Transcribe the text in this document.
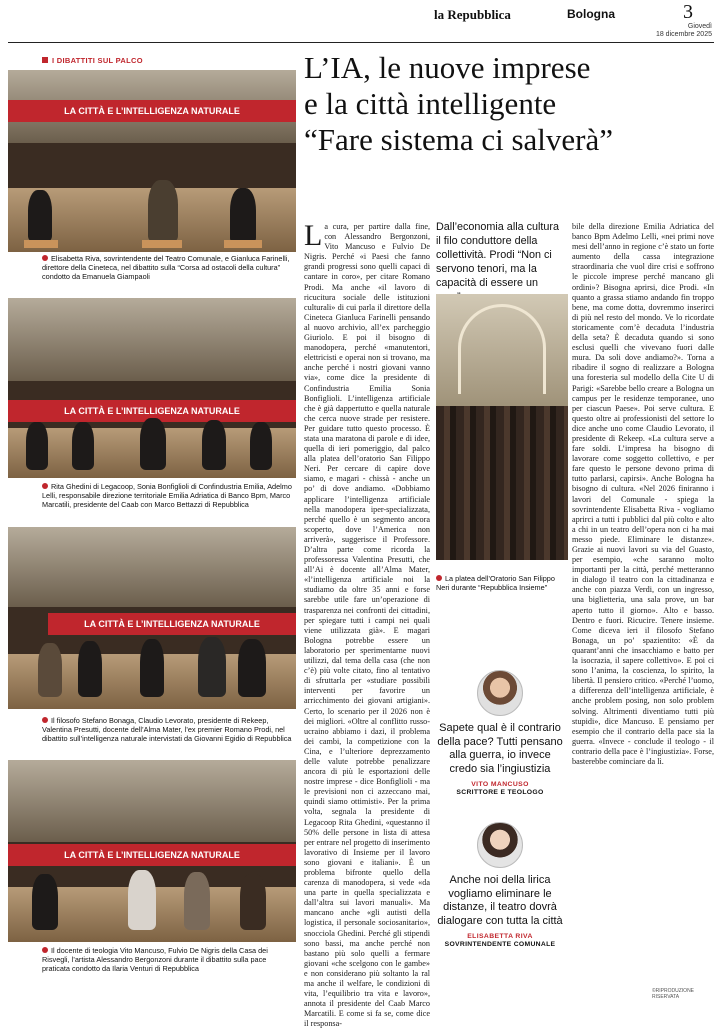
la Repubblica	Bologna	3
Giovedì
18 dicembre 2025
I DIBATTITI SUL PALCO
LA CITTÀ E L’INTELLIGENZA NATURALE
Elisabetta Riva, sovrintendente del Teatro Comunale, e Gianluca Farinelli, direttore della Cineteca, nel dibattito sulla “Corsa ad ostacoli della cultura” condotto da Emanuela Giampaoli
LA CITTÀ E L’INTELLIGENZA NATURALE
Rita Ghedini di Legacoop, Sonia Bonfiglioli di Confindustria Emilia, Adelmo Lelli, responsabile direzione territoriale Emilia Adriatica di Banco Bpm, Marco Marcatili, presidente del Caab con Marco Bettazzi di Repubblica
LA CITTÀ E L’INTELLIGENZA NATURALE
Il filosofo Stefano Bonaga, Claudio Levorato, presidente di Rekeep, Valentina Presutti, docente dell’Alma Mater, l’ex premier Romano Prodi, nel dibattito sull’intelligenza naturale intervistati da Giovanni Egidio di Repubblica
LA CITTÀ E L’INTELLIGENZA NATURALE
Il docente di teologia Vito Mancuso, Fulvio De Nigris della Casa dei Risvegli, l’artista Alessandro Bergonzoni durante il dibattito sulla pace praticata condotto da Ilaria Venturi di Repubblica
L’IA, le nuove imprese
e la città intelligente
“Fare sistema ci salverà”
La cura, per partire dalla fine, con Alessandro Bergonzoni, Vito Mancuso e Fulvio De Nigris. Perché «i Paesi che fanno grandi progressi sono quelli capaci di cantare in coro», per citare Romano Prodi. Ma anche «il lavoro di ricucitura sociale delle istituzioni culturali» di cui parla il direttore della Cineteca Gianluca Farinelli pensando al nuovo archivio, all’ex parcheggio Giuriolo. E poi il bisogno di manodopera, perché «manutentori, elettricisti e operai non si trovano, ma anche perché i nostri giovani vanno via», come dice la presidente di Confindustria Emilia Sonia Bonfiglioli. L’intelligenza artificiale che è già dappertutto e quella naturale che cerca nuove strade per resistere. Per guidare tutto questo processo. È stata una maratona di parole e di idee, quella di ieri pomeriggio, dal palco alla platea dell’oratorio San Filippo Neri. Per cercare di capire dove siamo, e magari - chissà - anche un po’ di dove andiamo. «Dobbiamo applicare l’intelligenza artificiale nella manodopera iper-specializzata, perché quello è un segmento ancora scoperto, dove l’America non arriverà», suggerisce il Professore. D’altra parte come ricorda la professoressa Valentina Presutti, che all’Ai è docente all’Alma Mater, «l’intelligenza artificiale noi la studiamo da oltre 35 anni e forse sarebbe utile fare un’operazione di trasparenza nei confronti dei cittadini, per spiegare tutti i campi nei quali viene utilizzata già». E magari Bologna potrebbe essere un laboratorio per sperimentarne nuovi utilizzi, dal tema della casa (che non c’è) più volte citato, fino al tentativo di sfruttarla per «studiare possibili interventi per favorire un arricchimento dei giovani artigiani». Certo, lo scenario per il 2026 non è dei migliori. «Oltre al conflitto russo-ucraino abbiamo i dazi, il problema dei cambi, la competizione con la Cina, e l’ulteriore deprezzamento delle valute potrebbe penalizzare ancora di più le esportazioni delle nostre imprese - dice Bonfiglioli - ma le previsioni non ci azzeccano mai, quindi siamo ottimisti». Per la prima volta, segnala la presidente di Legacoop Rita Ghedini, «questanno il 50% delle persone in lista di attesa per entrare nel progetto di inserimento lavorativo di Insieme per il lavoro sono giovani e italiani». È un problema bifronte quello della carenza di manodopera, si vede «da una parte in quella specializzata e dall’altra sui lavori manuali». Ma mancano anche «gli autisti della logistica, il personale sociosanitario», snocciola Ghedini. Perché gli stipendi sono bassi, ma anche perché non bastano più solo quelli a fermare giovani «che scelgono con le gambe» e non considerano più soltanto la ral ma anche il welfare, le condizioni di vita, l’equilibrio tra vita e lavoro», annota il presidente del Caab Marco Marcatili. E come si fa se, come dice il responsa-
Dall’economia alla cultura il filo conduttore della collettività. Prodi “Non ci servono tenori, ma la capacità di essere un
La platea dell’Oratorio San Filippo Neri durante “Repubblica Insieme”
bile della direzione Emilia Adriatica del banco Bpm Adelmo Lelli, «nei primi nove mesi dell’anno in regione c’è stato un forte aumento della cassa integrazione straordinaria che vuol dire crisi e soffrono le piccole imprese perché mancano gli ordini»? Bisogna aprirsi, dice Prodi. «In quanto a grassa stiamo andando fin troppo bene, ma come dotta, dovremmo inserirci di più nel resto del mondo. Ve lo ricordate storicamente com’è decaduta l’industria della seta? È decaduta quando si sono esclusi quelli che vivevano fuori dalle mura. Da soli dove andiamo?». Torna a ribadire il sogno di realizzare a Bologna una foresteria sul modello della Cite U di Parigi: «Sarebbe bello creare a Bologna un campus per le residenze temporanee, uno per ciascun Paese». Poi serve cultura. E questo oltre ai professionisti del settore lo dice anche uno come Claudio Levorato, il presidente di Rekeep. «La cultura serve a fare soldi. L’impresa ha bisogno di lavorare come soggetto collettivo, e per fare questo le persone devono prima di tutto parlarsi, capirsi». Anche Bologna ha bisogno di cultura. «Nel 2026 finiranno i lavori del Comunale - spiega la sovrintendente Elisabetta Riva - vogliamo aprirci a tutti i pubblici dal più colto e alto a chi in un teatro dell’opera non ci ha mai messo piede. Eliminare le distanze». Grazie ai nuovi lavori su via del Guasto, per esempio, «che saranno molto importanti per la città, perché metteranno in dialogo il teatro con la cittadinanza e anche con piazza Verdi, con un ingresso, una biglietteria, una sala prove, un bar aperto tutto il giorno». Alto e basso. Dentro e fuori. Ricucire. Tenere insieme. Come diceva ieri il filosofo Stefano Bonaga, un po’ spazientito: «È da quarant’anni che insacchiamo e batto per la isocrazia, il sapere collettivo». E poi ci sono l’anima, la coscienza, lo spirito, la libertà. Il pensiero critico. «Perché l’uomo, a differenza dell’intelligenza artificiale, è anche problem posing, non solo problem solving. Altrimenti diventiamo tutti più stupidi», dice Mancuso. E pensiamo per esempio che il contrario della pace sia la guerra. «Invece - conclude il teologo - il contrario della pace è l’ingiustizia». Forse, basterebbe cominciare da lì.
Sapete qual è il contrario della pace? Tutti pensano alla guerra, io invece credo sia l’ingiustizia
VITO MANCUSO
SCRITTORE E TEOLOGO
Anche noi della lirica vogliamo eliminare le distanze, il teatro dovrà dialogare con tutta la città
ELISABETTA RIVA
SOVRINTENDENTE COMUNALE
©RIPRODUZIONE RISERVATA
